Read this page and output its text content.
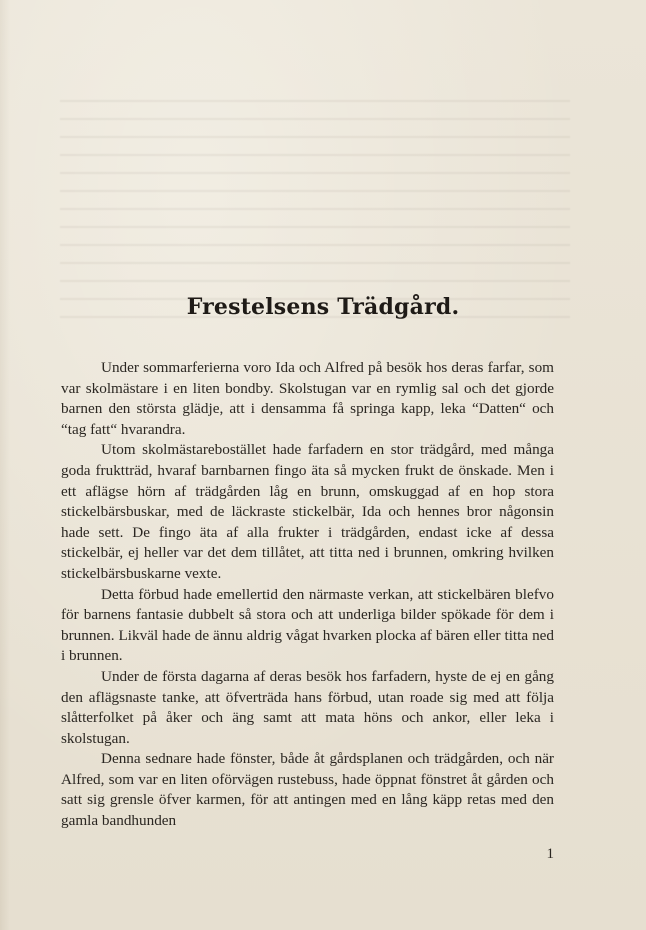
Frestelsens Trädgård.

Under sommarferierna voro Ida och Alfred på besök hos deras farfar, som var skolmästare i en liten bondby. Skolstugan var en rymlig sal och det gjorde barnen den största glädje, att i densamma få springa kapp, leka “Datten“ och “tag fatt“ hvarandra.

Utom skolmästarebostället hade farfadern en stor trädgård, med många goda fruktträd, hvaraf barnbarnen fingo äta så mycken frukt de önskade. Men i ett aflägse hörn af trädgården låg en brunn, omskuggad af en hop stora stickelbärsbuskar, med de läckraste stickelbär, Ida och hennes bror någonsin hade sett. De fingo äta af alla frukter i trädgården, endast icke af dessa stickelbär, ej heller var det dem tillåtet, att titta ned i brunnen, omkring hvilken stickelbärsbuskarne vexte.

Detta förbud hade emellertid den närmaste verkan, att stickelbären blefvo för barnens fantasie dubbelt så stora och att underliga bilder spökade för dem i brunnen. Likväl hade de ännu aldrig vågat hvarken plocka af bären eller titta ned i brunnen.

Under de första dagarna af deras besök hos farfadern, hyste de ej en gång den aflägsnaste tanke, att öfverträda hans förbud, utan roade sig med att följa slåtterfolket på åker och äng samt att mata höns och ankor, eller leka i skolstugan.

Denna sednare hade fönster, både åt gårdsplanen och trädgården, och när Alfred, som var en liten oförvägen rustebuss, hade öppnat fönstret åt gården och satt sig grensle öfver karmen, för att antingen med en lång käpp retas med den gamla bandhunden

1
